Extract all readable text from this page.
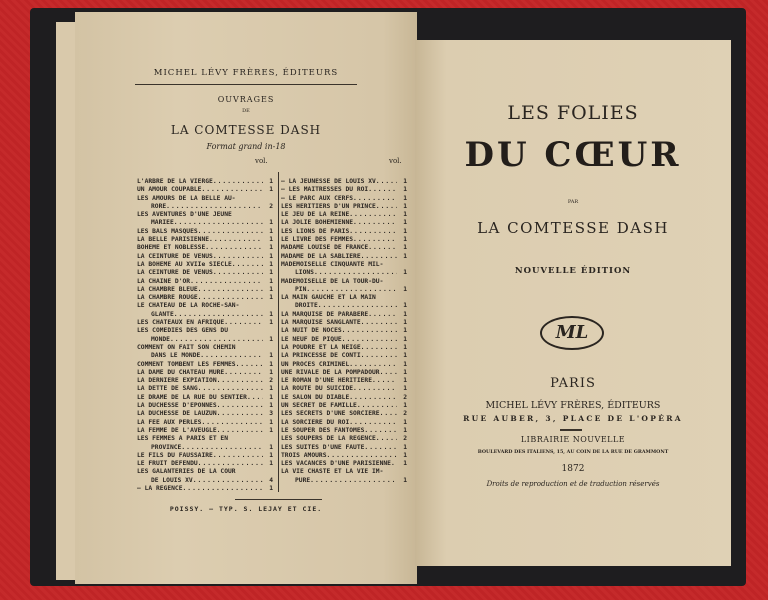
MICHEL LÉVY FRÈRES, ÉDITEURS
OUVRAGES
DE
LA COMTESSE DASH
Format grand in-18
vol.	vol.
L'ARBRE DE LA VIERGE .....	1
UN AMOUR COUPABLE .....	1
LES AMOURS DE LA BELLE AU-
RORE .....	2
LES AVENTURES D'UNE JEUNE
MARIÉE .....	1
LES BALS MASQUÉS .....	1
LA BELLE PARISIENNE .....	1
BOHÊME ET NOBLESSE .....	1
LA CEINTURE DE VÉNUS .....	1
LA BOHÊME AU XVIIe SIÈCLE .....	1
LA CEINTURE DE VÉNUS .....	1
LA CHAINE D'OR .....	1
LA CHAMBRE BLEUE .....	1
LA CHAMBRE ROUGE .....	1
LE CHATEAU DE LA ROCHE-SAN-
GLANTE .....	1
LES CHATEAUX EN AFRIQUE .....	1
LES COMÉDIES DES GENS DU
MONDE .....	1
COMMENT ON FAIT SON CHEMIN
DANS LE MONDE .....	1
COMMENT TOMBENT LES FEMMES .....	1
LA DAME DU CHATEAU MURÉ .....	1
LA DERNIÈRE EXPIATION .....	2
LA DETTE DE SANG .....	1
LE DRAME DE LA RUE DU SENTIER .....	1
LA DUCHESSE D'ÉPONNES .....	1
LA DUCHESSE DE LAUZUN .....	3
LA FÉE AUX PERLES .....	1
LA FEMME DE L'AVEUGLE .....	1
LES FEMMES A PARIS ET EN
PROVINCE .....	1
LE FILS DU FAUSSAIRE .....	1
LE FRUIT DÉFENDU .....	1
LES GALANTERIES DE LA COUR
DE LOUIS XV .....	4
— LA RÉGENCE .....	1
— LA JEUNESSE DE LOUIS XV .....	1
— LES MAITRESSES DU ROI .....	1
— LE PARC AUX CERFS .....	1
LES HÉRITIERS D'UN PRINCE .....	1
LE JEU DE LA REINE .....	1
LA JOLIE BOHÉMIENNE .....	1
LES LIONS DE PARIS .....	1
LE LIVRE DES FEMMES .....	1
MADAME LOUISE DE FRANCE .....	1
MADAME DE LA SABLIÈRE .....	1
MADEMOISELLE CINQUANTE MIL-
LIONS .....	1
MADEMOISELLE DE LA TOUR-DU-
PIN .....	1
LA MAIN GAUCHE ET LA MAIN
DROITE .....	1
LA MARQUISE DE PARABÈRE .....	1
LA MARQUISE SANGLANTE .....	1
LA NUIT DE NOCES .....	1
LE NEUF DE PIQUE .....	1
LA POUDRE ET LA NEIGE .....	1
LA PRINCESSE DE CONTI .....	1
UN PROCÈS CRIMINEL .....	1
UNE RIVALE DE LA POMPADOUR .....	1
LE ROMAN D'UNE HÉRITIÈRE .....	1
LA ROUTE DU SUICIDE .....	1
LE SALON DU DIABLE .....	2
UN SECRET DE FAMILLE .....	1
LES SECRETS D'UNE SORCIÈRE .....	2
LA SORCIÈRE DU ROI .....	1
LE SOUPER DES FANTÔMES .....	1
LES SOUPERS DE LA RÉGENCE .....	2
LES SUITES D'UNE FAUTE .....	1
TROIS AMOURS .....	1
LES VACANCES D'UNE PARISIENNE .....	1
LA VIE CHASTE ET LA VIE IM-
PURE .....	1
POISSY. — TYP. S. LEJAY ET CIE.
LES FOLIES
DU CŒUR
PAR
LA COMTESSE DASH
NOUVELLE ÉDITION
ML
PARIS
MICHEL LÉVY FRÈRES, ÉDITEURS
RUE AUBER, 3, PLACE DE L'OPÉRA
LIBRAIRIE NOUVELLE
BOULEVARD DES ITALIENS, 15, AU COIN DE LA RUE DE GRAMMONT
1872
Droits de reproduction et de traduction réservés
